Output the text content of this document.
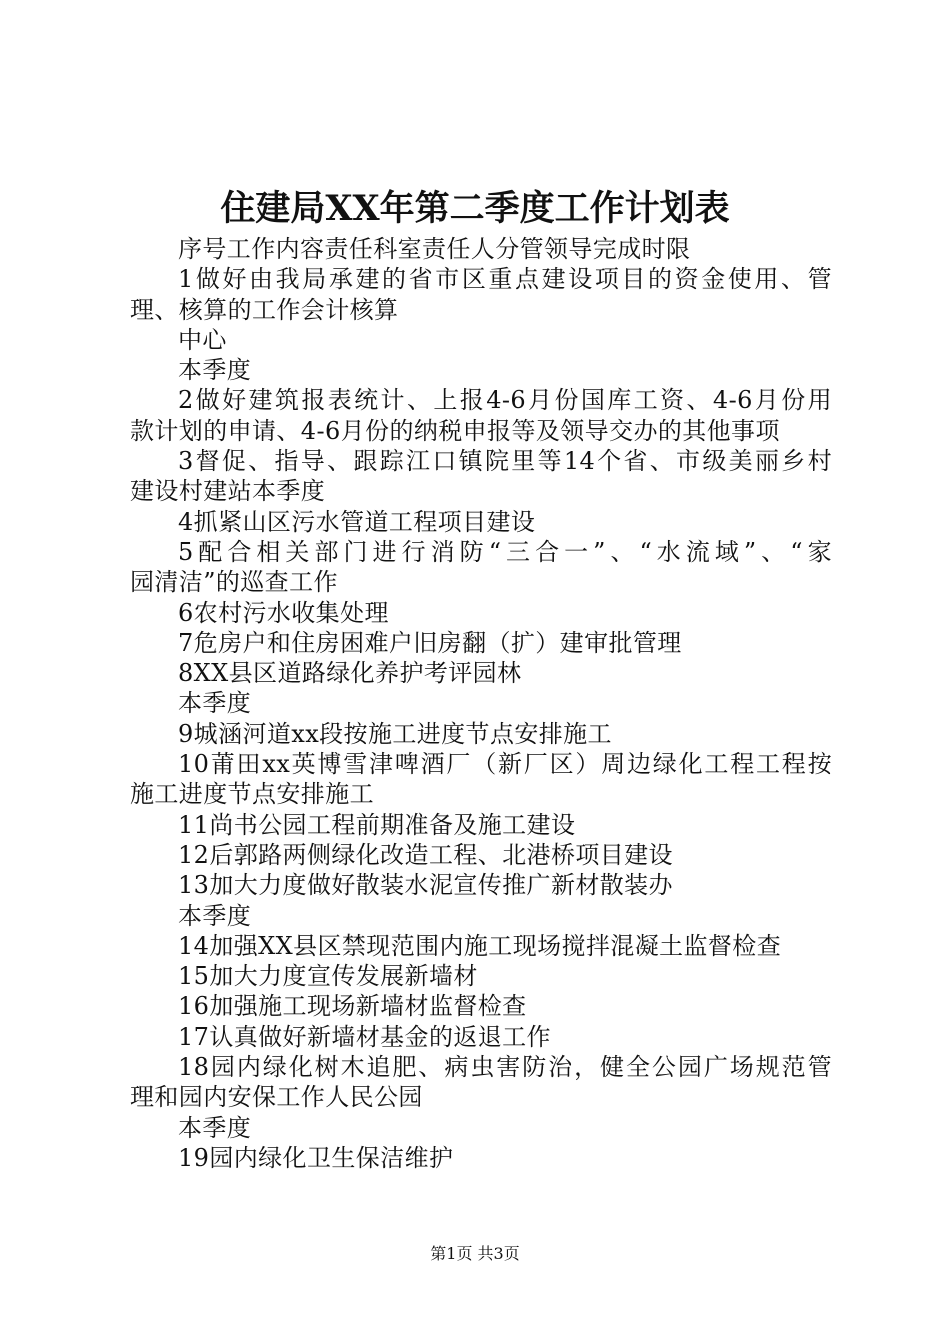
住建局XX年第二季度工作计划表
序号工作内容责任科室责任人分管领导完成时限
1做好由我局承建的省市区重点建设项目的资金使用、管
理、核算的工作会计核算
中心
本季度
2做好建筑报表统计、上报4-6月份国库工资、4-6月份用
款计划的申请、4-6月份的纳税申报等及领导交办的其他事项
3督促、指导、跟踪江口镇院里等14个省、市级美丽乡村
建设村建站本季度
4抓紧山区污水管道工程项目建设
5配合相关部门进行消防“三合一”、“水流域”、“家
园清洁”的巡查工作
6农村污水收集处理
7危房户和住房困难户旧房翻（扩）建审批管理
8XX县区道路绿化养护考评园林
本季度
9城涵河道xx段按施工进度节点安排施工
10莆田xx英博雪津啤酒厂（新厂区）周边绿化工程工程按
施工进度节点安排施工
11尚书公园工程前期准备及施工建设
12后郭路两侧绿化改造工程、北港桥项目建设
13加大力度做好散装水泥宣传推广新材散装办
本季度
14加强XX县区禁现范围内施工现场搅拌混凝土监督检查
15加大力度宣传发展新墙材
16加强施工现场新墙材监督检查
17认真做好新墙材基金的返退工作
18园内绿化树木追肥、病虫害防治，健全公园广场规范管
理和园内安保工作人民公园
本季度
19园内绿化卫生保洁维护
第1页 共3页
